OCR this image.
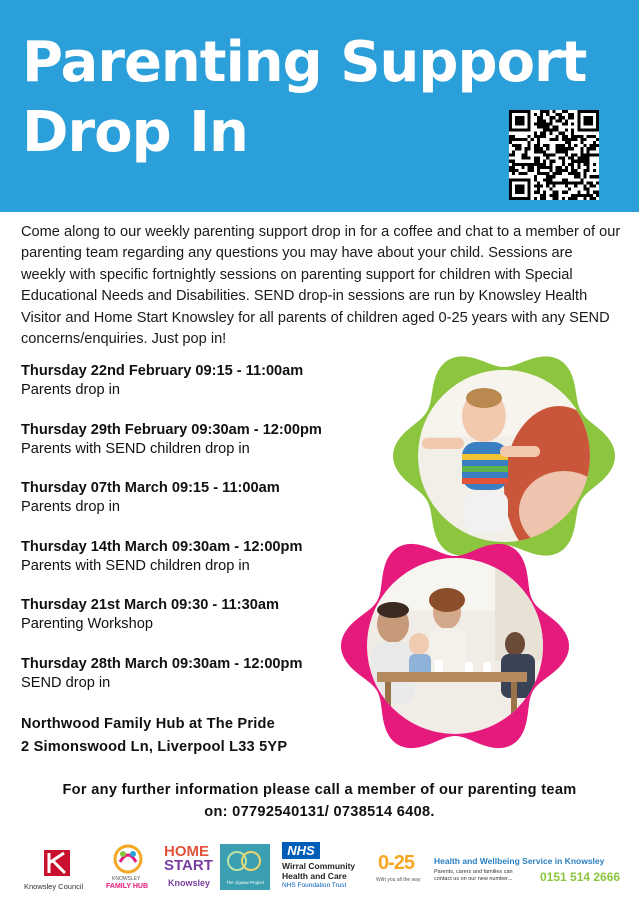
Parenting Support
Drop In
Come along to our weekly parenting support drop in for a coffee and chat to a member of our parenting team regarding any questions you may have about your child. Sessions are weekly with specific fortnightly sessions on parenting support for children with Special Educational Needs and Disabilities. SEND drop-in sessions are run by Knowsley Health Visitor and Home Start Knowsley for all parents of children aged 0-25 years with any SEND concerns/enquiries. Just pop in!
Thursday 22nd February 09:15 - 11:00am
Parents drop in
Thursday 29th February 09:30am - 12:00pm
Parents with SEND children drop in
Thursday 07th March 09:15 - 11:00am
Parents drop in
Thursday 14th March 09:30am - 12:00pm
Parents with SEND children drop in
Thursday 21st March 09:30 - 11:30am
Parenting Workshop
Thursday 28th March 09:30am - 12:00pm
SEND drop in
Northwood Family Hub at The Pride
2 Simonswood Ln, Liverpool L33 5YP
For any further information please call a member of our parenting team
on: 07792540131/ 0738514 6408.
Knowsley Council
KNOWSLEY
FAMILY HUB
HOME
START
Knowsley	The Jigsaw Project
NHS
Wirral Community
Health and Care
NHS Foundation Trust
0-25
With you all the way
Health and Wellbeing Service in Knowsley
Parents, carers and families can
contact us on our new number... 0151 514 2666
